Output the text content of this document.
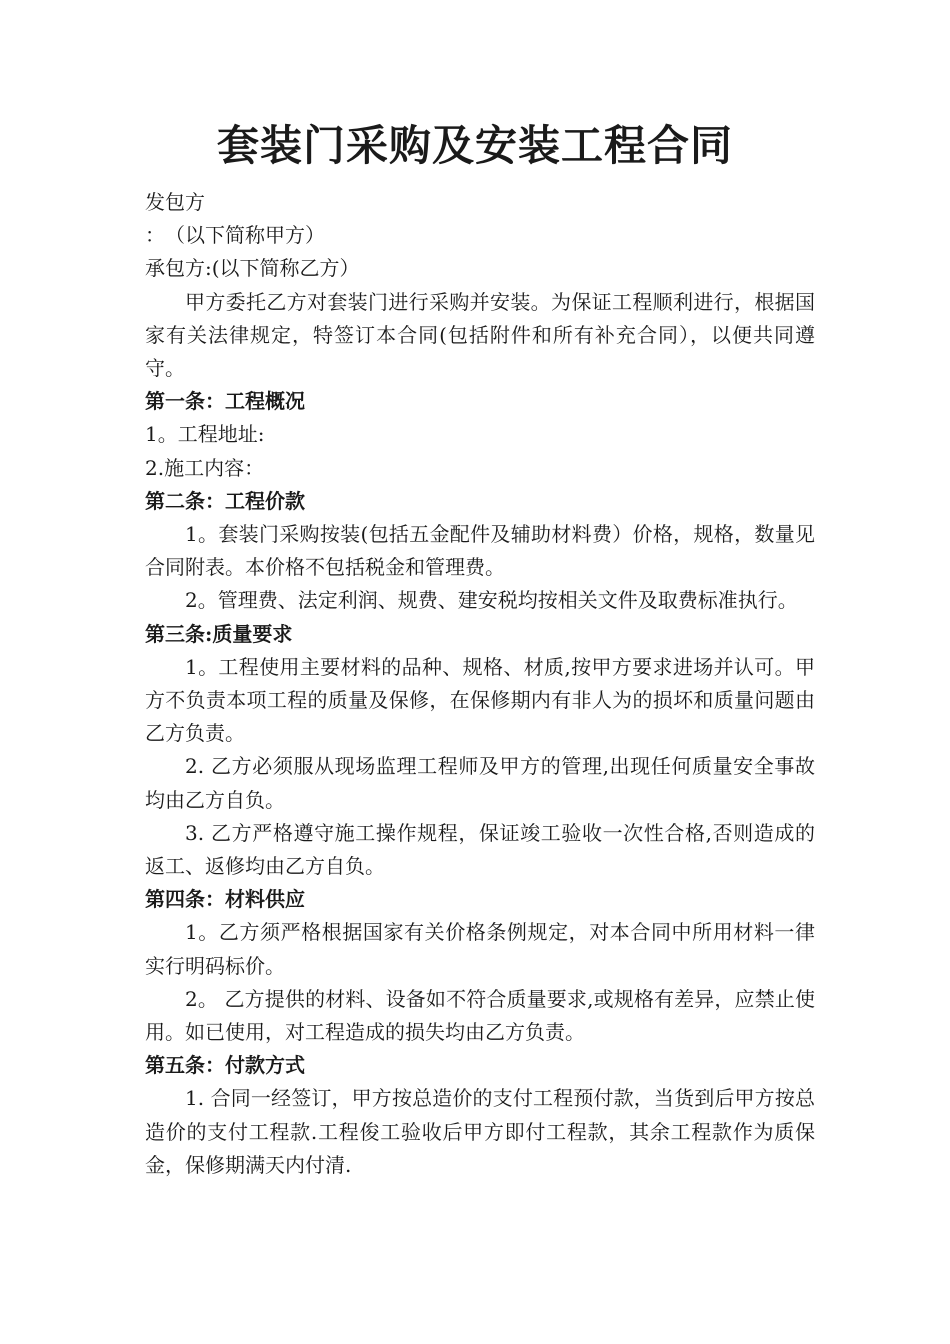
套装门采购及安装工程合同
发包方
：　（以下简称甲方）
承包方:(以下简称乙方）
甲方委托乙方对套装门进行采购并安装。为保证工程顺利进行，根据国家有关法律规定，特签订本合同(包括附件和所有补充合同），以便共同遵守。
第一条：工程概况
1。工程地址:
2.施工内容：
第二条：工程价款
1。套装门采购按装(包括五金配件及辅助材料费）价格，规格，数量见合同附表。本价格不包括税金和管理费。
2。管理费、法定利润、规费、建安税均按相关文件及取费标准执行。
第三条:质量要求
1。工程使用主要材料的品种、规格、材质,按甲方要求进场并认可。甲方不负责本项工程的质量及保修，在保修期内有非人为的损坏和质量问题由乙方负责。
2. 乙方必须服从现场监理工程师及甲方的管理,出现任何质量安全事故均由乙方自负。
3. 乙方严格遵守施工操作规程，保证竣工验收一次性合格,否则造成的返工、返修均由乙方自负。
第四条：材料供应
1。乙方须严格根据国家有关价格条例规定，对本合同中所用材料一律实行明码标价。
2。 乙方提供的材料、设备如不符合质量要求,或规格有差异，应禁止使用。如已使用，对工程造成的损失均由乙方负责。
第五条：付款方式
1. 合同一经签订，甲方按总造价的支付工程预付款，当货到后甲方按总造价的支付工程款.工程俊工验收后甲方即付工程款，其余工程款作为质保金，保修期满天内付清.
